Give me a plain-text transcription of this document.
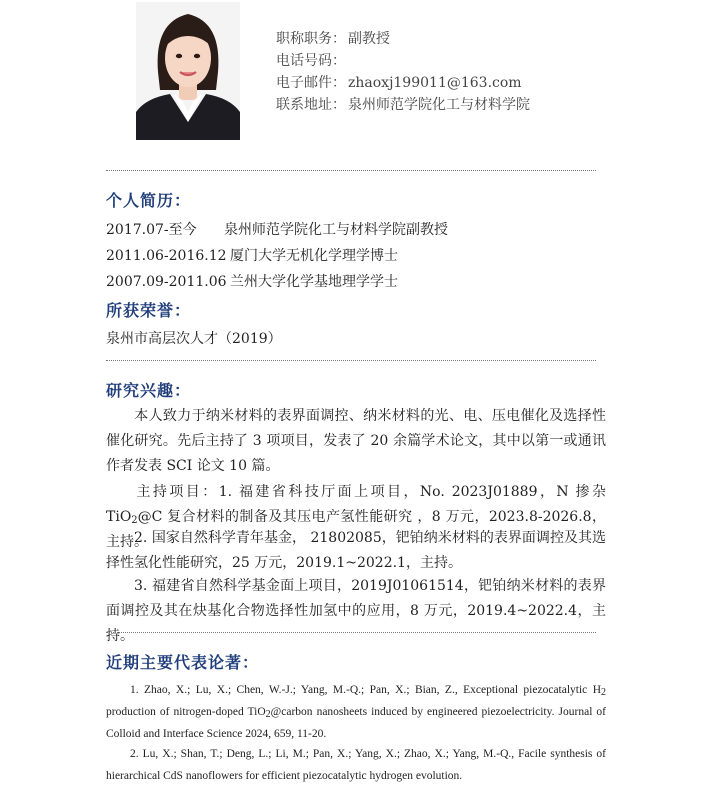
职称职务： 副教授
电话号码：
电子邮件： zhaoxj199011@163.com
联系地址： 泉州师范学院化工与材料学院
个人简历：
2017.07-至今 泉州师范学院化工与材料学院副教授
2011.06-2016.12 厦门大学无机化学理学博士
2007.09-2011.06 兰州大学化学基地理学学士
所获荣誉：
泉州市高层次人才（2019）
研究兴趣：
本人致力于纳米材料的表界面调控、纳米材料的光、电、压电催化及选择性催化研究。先后主持了 3 项项目，发表了 20 余篇学术论文，其中以第一或通讯作者发表 SCI 论文 10 篇。
主持项目：1. 福建省科技厅面上项目，No. 2023J01889，N 掺杂 TiO$_2$@C 复合材料的制备及其压电产氢性能研究 ，8 万元，2023.8-2026.8，主持。
2. 国家自然科学青年基金， 21802085，钯铂纳米材料的表界面调控及其选择性氢化性能研究，25 万元，2019.1~2022.1，主持。
3. 福建省自然科学基金面上项目，2019J01061514，钯铂纳米材料的表界面调控及其在炔基化合物选择性加氢中的应用，8 万元，2019.4~2022.4，主持。
近期主要代表论著：
1. Zhao, X.; Lu, X.; Chen, W.-J.; Yang, M.-Q.; Pan, X.; Bian, Z., Exceptional piezocatalytic $H_2$ production of nitrogen-doped TiO$_2$@carbon nanosheets induced by engineered piezoelectricity. Journal of Colloid and Interface Science 2024, 659, 11-20.
2. Lu, X.; Shan, T.; Deng, L.; Li, M.; Pan, X.; Yang, X.; Zhao, X.; Yang, M.-Q., Facile synthesis of hierarchical CdS nanoflowers for efficient piezocatalytic hydrogen evolution.
